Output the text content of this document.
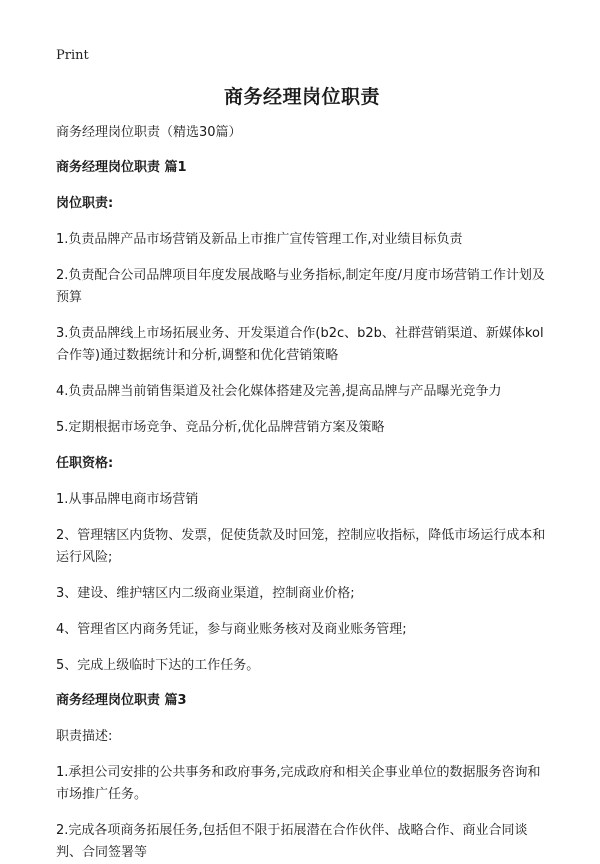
Print

商务经理岗位职责

商务经理岗位职责（精选30篇）

商务经理岗位职责 篇1

岗位职责:

1.负责品牌产品市场营销及新品上市推广宣传管理工作,对业绩目标负责

2.负责配合公司品牌项目年度发展战略与业务指标,制定年度/月度市场营销工作计划及预算

3.负责品牌线上市场拓展业务、开发渠道合作(b2c、b2b、社群营销渠道、新媒体kol合作等)通过数据统计和分析,调整和优化营销策略

4.负责品牌当前销售渠道及社会化媒体搭建及完善,提高品牌与产品曝光竞争力

5.定期根据市场竞争、竞品分析,优化品牌营销方案及策略

任职资格:

1.从事品牌电商市场营销

2、管理辖区内货物、发票，促使货款及时回笼，控制应收指标，降低市场运行成本和运行风险;

3、建设、维护辖区内二级商业渠道，控制商业价格;

4、管理省区内商务凭证，参与商业账务核对及商业账务管理;

5、完成上级临时下达的工作任务。

商务经理岗位职责 篇3

职责描述:

1.承担公司安排的公共事务和政府事务,完成政府和相关企事业单位的数据服务咨询和市场推广任务。

2.完成各项商务拓展任务,包括但不限于拓展潜在合作伙伴、战略合作、商业合同谈判、合同签署等
